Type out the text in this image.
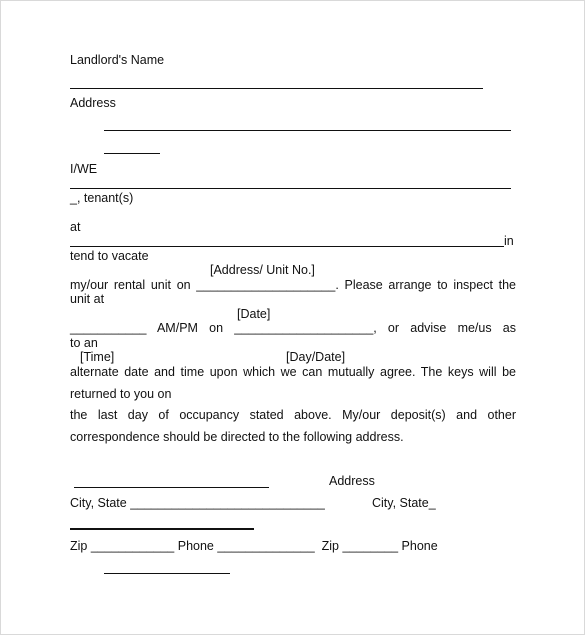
Landlord's Name
Address
I/WE
_, tenant(s)
at
in
tend to vacate
[Address/ Unit No.]
my/our rental unit on ____________________. Please arrange to inspect the
unit at
[Date]
___________ AM/PM on ____________________, or advise me/us as
to an
[Time]	[Day/Date]
alternate date and time upon which we can mutually agree. The keys will be
returned to you on
the last day of occupancy stated above. My/our deposit(s) and other
correspondence should be directed to the following address.
Address
City, State ____________________________	City, State_
Zip ____________ Phone ______________  Zip ________ Phone
